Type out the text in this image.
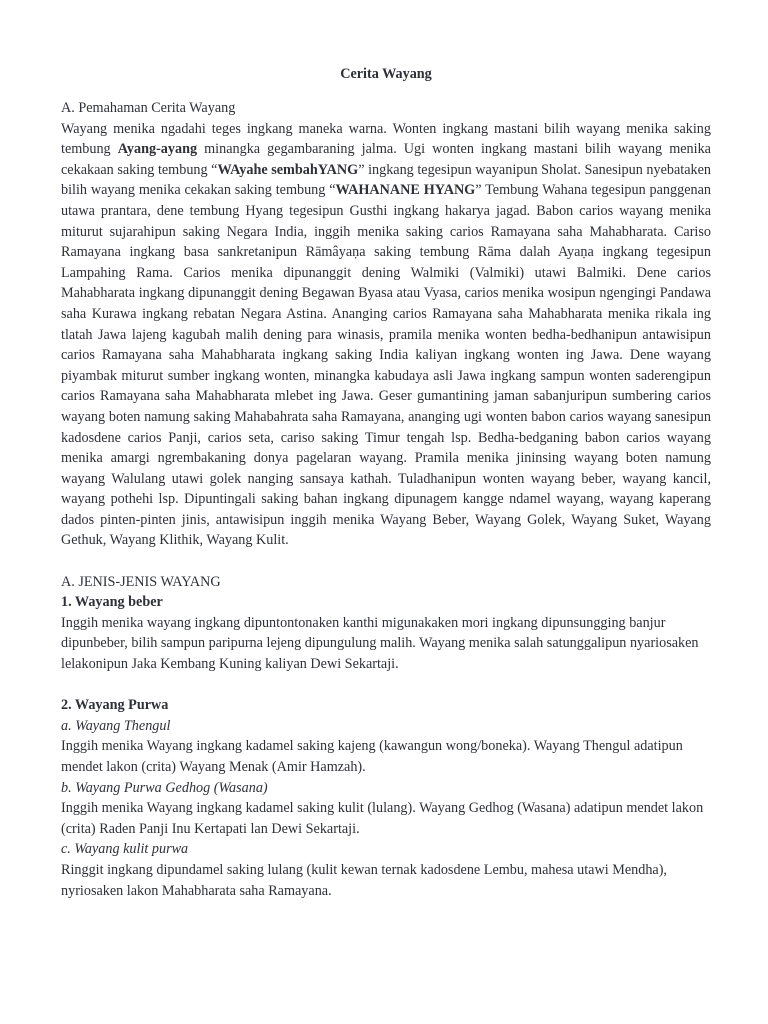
Cerita Wayang

A. Pemahaman Cerita Wayang

Wayang menika ngadahi teges ingkang maneka warna. Wonten ingkang mastani bilih wayang menika saking tembung Ayang-ayang minangka gegambaraning jalma. Ugi wonten ingkang mastani bilih wayang menika cekakaan saking tembung “WAyahe sembahYANG” ingkang tegesipun wayanipun Sholat. Sanesipun nyebataken bilih wayang menika cekakan saking tembung “WAHANANE HYANG” Tembung Wahana tegesipun panggenan utawa prantara, dene tembung Hyang tegesipun Gusthi ingkang hakarya jagad. Babon carios wayang menika miturut sujarahipun saking Negara India, inggih menika saking carios Ramayana saha Mahabharata. Cariso Ramayana ingkang basa sankretanipun Rāmâyaṇa saking tembung Rāma dalah Ayaṇa ingkang tegesipun Lampahing Rama. Carios menika dipunanggit dening Walmiki (Valmiki) utawi Balmiki. Dene carios Mahabharata ingkang dipunanggit dening Begawan Byasa atau Vyasa, carios menika wosipun ngengingi Pandawa saha Kurawa ingkang rebatan Negara Astina. Ananging carios Ramayana saha Mahabharata menika rikala ing tlatah Jawa lajeng kagubah malih dening para winasis, pramila menika wonten bedha-bedhanipun antawisipun carios Ramayana saha Mahabharata ingkang saking India kaliyan ingkang wonten ing Jawa. Dene wayang piyambak miturut sumber ingkang wonten, minangka kabudaya asli Jawa ingkang sampun wonten saderengipun carios Ramayana saha Mahabharata mlebet ing Jawa. Geser gumantining jaman sabanjuripun sumbering carios wayang boten namung saking Mahabahrata saha Ramayana, ananging ugi wonten babon carios wayang sanesipun kadosdene carios Panji, carios seta, cariso saking Timur tengah lsp. Bedha-bedganing babon carios wayang menika amargi ngrembakaning donya pagelaran wayang. Pramila menika jininsing wayang boten namung wayang Walulang utawi golek nanging sansaya kathah. Tuladhanipun wonten wayang beber, wayang kancil, wayang pothehi lsp. Dipuntingali saking bahan ingkang dipunagem kangge ndamel wayang, wayang kaperang dados pinten-pinten jinis, antawisipun inggih menika Wayang Beber, Wayang Golek, Wayang Suket, Wayang Gethuk, Wayang Klithik, Wayang Kulit.

A. JENIS-JENIS WAYANG

1. Wayang beber

Inggih menika wayang ingkang dipuntontonaken kanthi migunakaken mori ingkang dipunsungging banjur dipunbeber, bilih sampun paripurna lejeng dipungulung malih. Wayang menika salah satunggalipun nyariosaken lelakonipun Jaka Kembang Kuning kaliyan Dewi Sekartaji.

2. Wayang Purwa

a. Wayang Thengul

Inggih menika Wayang ingkang kadamel saking kajeng (kawangun wong/boneka). Wayang Thengul adatipun mendet lakon (crita) Wayang Menak (Amir Hamzah).

b. Wayang Purwa Gedhog (Wasana)

Inggih menika Wayang ingkang kadamel saking kulit (lulang). Wayang Gedhog (Wasana) adatipun mendet lakon (crita) Raden Panji Inu Kertapati lan Dewi Sekartaji.

c. Wayang kulit purwa

Ringgit ingkang dipundamel saking lulang (kulit kewan ternak kadosdene Lembu, mahesa utawi Mendha), nyriosaken lakon Mahabharata saha Ramayana.
